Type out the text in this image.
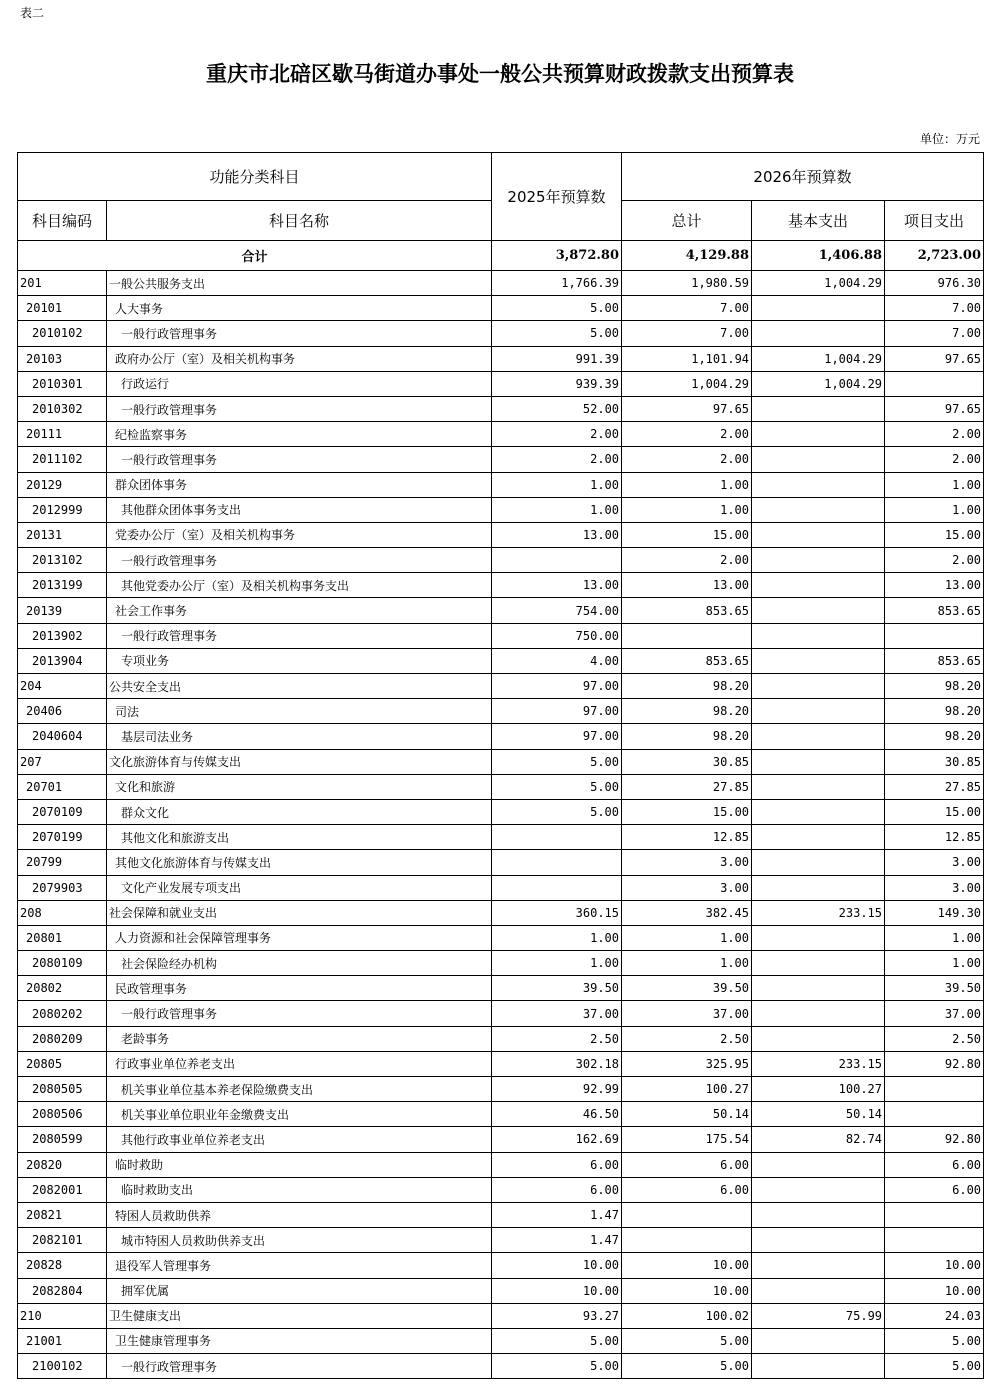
表二
重庆市北碚区歇马街道办事处一般公共预算财政拨款支出预算表
单位：万元
功能分类科目		2025年预算数	2026年预算数		
科目编码	科目名称		总计	基本支出	项目支出
合计		3,872.80	4,129.88	1,406.88	2,723.00
201	一般公共服务支出	1,766.39	1,980.59	1,004.29	976.30
20101	人大事务	5.00	7.00		7.00
2010102	一般行政管理事务	5.00	7.00		7.00
20103	政府办公厅（室）及相关机构事务	991.39	1,101.94	1,004.29	97.65
2010301	行政运行	939.39	1,004.29	1,004.29	
2010302	一般行政管理事务	52.00	97.65		97.65
20111	纪检监察事务	2.00	2.00		2.00
2011102	一般行政管理事务	2.00	2.00		2.00
20129	群众团体事务	1.00	1.00		1.00
2012999	其他群众团体事务支出	1.00	1.00		1.00
20131	党委办公厅（室）及相关机构事务	13.00	15.00		15.00
2013102	一般行政管理事务		2.00		2.00
2013199	其他党委办公厅（室）及相关机构事务支出	13.00	13.00		13.00
20139	社会工作事务	754.00	853.65		853.65
2013902	一般行政管理事务	750.00			
2013904	专项业务	4.00	853.65		853.65
204	公共安全支出	97.00	98.20		98.20
20406	司法	97.00	98.20		98.20
2040604	基层司法业务	97.00	98.20		98.20
207	文化旅游体育与传媒支出	5.00	30.85		30.85
20701	文化和旅游	5.00	27.85		27.85
2070109	群众文化	5.00	15.00		15.00
2070199	其他文化和旅游支出		12.85		12.85
20799	其他文化旅游体育与传媒支出		3.00		3.00
2079903	文化产业发展专项支出		3.00		3.00
208	社会保障和就业支出	360.15	382.45	233.15	149.30
20801	人力资源和社会保障管理事务	1.00	1.00		1.00
2080109	社会保险经办机构	1.00	1.00		1.00
20802	民政管理事务	39.50	39.50		39.50
2080202	一般行政管理事务	37.00	37.00		37.00
2080209	老龄事务	2.50	2.50		2.50
20805	行政事业单位养老支出	302.18	325.95	233.15	92.80
2080505	机关事业单位基本养老保险缴费支出	92.99	100.27	100.27	
2080506	机关事业单位职业年金缴费支出	46.50	50.14	50.14	
2080599	其他行政事业单位养老支出	162.69	175.54	82.74	92.80
20820	临时救助	6.00	6.00		6.00
2082001	临时救助支出	6.00	6.00		6.00
20821	特困人员救助供养	1.47			
2082101	城市特困人员救助供养支出	1.47			
20828	退役军人管理事务	10.00	10.00		10.00
2082804	拥军优属	10.00	10.00		10.00
210	卫生健康支出	93.27	100.02	75.99	24.03
21001	卫生健康管理事务	5.00	5.00		5.00
2100102	一般行政管理事务	5.00	5.00		5.00
